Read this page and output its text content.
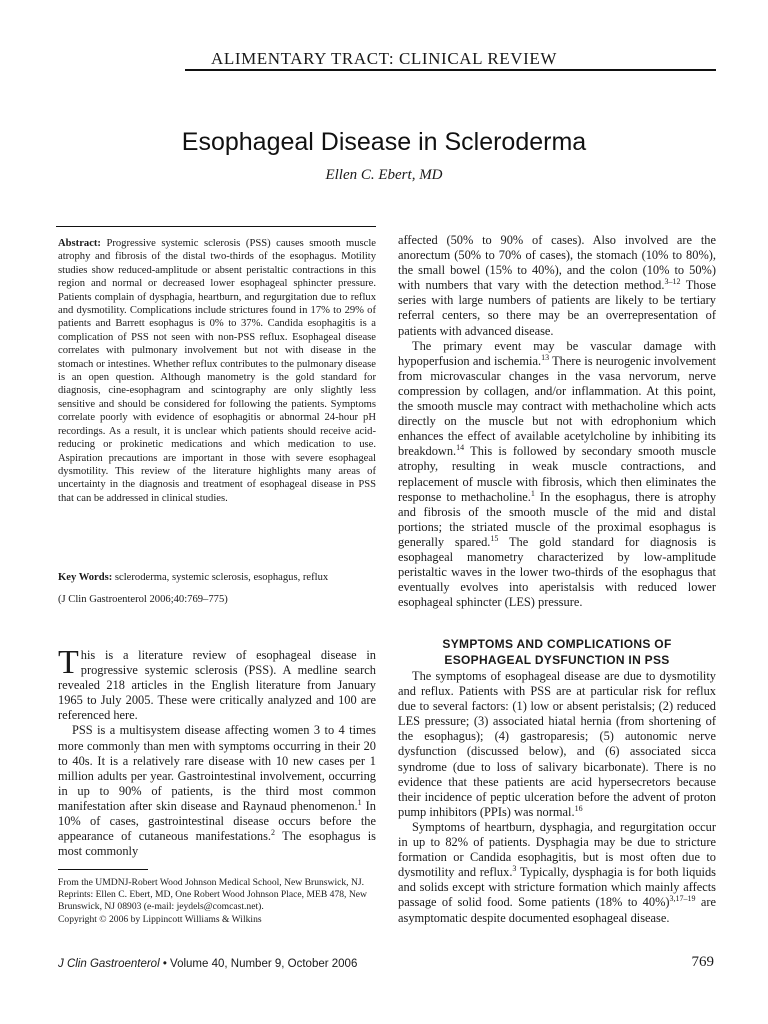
ALIMENTARY TRACT: CLINICAL REVIEW
Esophageal Disease in Scleroderma
Ellen C. Ebert, MD

Abstract: Progressive systemic sclerosis (PSS) causes smooth muscle atrophy and fibrosis of the distal two-thirds of the esophagus. Motility studies show reduced-amplitude or absent peristaltic contractions in this region and normal or decreased lower esophageal sphincter pressure. Patients complain of dysphagia, heartburn, and regurgitation due to reflux and dysmotility. Complications include strictures found in 17% to 29% of patients and Barrett esophagus is 0% to 37%. Candida esophagitis is a complication of PSS not seen with non-PSS reflux. Esophageal disease correlates with pulmonary involvement but not with disease in the stomach or intestines. Whether reflux contributes to the pulmonary disease is an open question. Although manometry is the gold standard for diagnosis, cine-esophagram and scintography are only slightly less sensitive and should be considered for following the patients. Symptoms correlate poorly with evidence of esophagitis or abnormal 24-hour pH recordings. As a result, it is unclear which patients should receive acid-reducing or prokinetic medications and which medication to use. Aspiration precautions are important in those with severe esophageal dysmotility. This review of the literature highlights many areas of uncertainty in the diagnosis and treatment of esophageal disease in PSS that can be addressed in clinical studies.

Key Words: scleroderma, systemic sclerosis, esophagus, reflux

(J Clin Gastroenterol 2006;40:769–775)

This is a literature review of esophageal disease in progressive systemic sclerosis (PSS). A medline search revealed 218 articles in the English literature from January 1965 to July 2005. These were critically analyzed and 100 are referenced here.

PSS is a multisystem disease affecting women 3 to 4 times more commonly than men with symptoms occurring in their 20 to 40s. It is a relatively rare disease with 10 new cases per 1 million adults per year. Gastrointestinal involvement, occurring in up to 90% of patients, is the third most common manifestation after skin disease and Raynaud phenomenon.$^1$ In 10% of cases, gastrointestinal disease occurs before the appearance of cutaneous manifestations.$^2$ The esophagus is most commonly

From the UMDNJ-Robert Wood Johnson Medical School, New Brunswick, NJ.

Reprints: Ellen C. Ebert, MD, One Robert Wood Johnson Place, MEB 478, New Brunswick, NJ 08903 (e-mail: jeydels@comcast.net).

Copyright © 2006 by Lippincott Williams & Wilkins

affected (50% to 90% of cases). Also involved are the anorectum (50% to 70% of cases), the stomach (10% to 80%), the small bowel (15% to 40%), and the colon (10% to 50%) with numbers that vary with the detection method.$^{3-12}$ Those series with large numbers of patients are likely to be tertiary referral centers, so there may be an overrepresentation of patients with advanced disease.

The primary event may be vascular damage with hypoperfusion and ischemia.$^{13}$ There is neurogenic involvement from microvascular changes in the vasa nervorum, nerve compression by collagen, and/or inflammation. At this point, the smooth muscle may contract with methacholine which acts directly on the muscle but not with edrophonium which enhances the effect of available acetylcholine by inhibiting its breakdown.$^{14}$ This is followed by secondary smooth muscle atrophy, resulting in weak muscle contractions, and replacement of muscle with fibrosis, which then eliminates the response to methacholine.$^1$ In the esophagus, there is atrophy and fibrosis of the smooth muscle of the mid and distal portions; the striated muscle of the proximal esophagus is generally spared.$^{15}$ The gold standard for diagnosis is esophageal manometry characterized by low-amplitude peristaltic waves in the lower two-thirds of the esophagus that eventually evolves into aperistalsis with reduced lower esophageal sphincter (LES) pressure.

SYMPTOMS AND COMPLICATIONS OF
ESOPHAGEAL DYSFUNCTION IN PSS

The symptoms of esophageal disease are due to dysmotility and reflux. Patients with PSS are at particular risk for reflux due to several factors: (1) low or absent peristalsis; (2) reduced LES pressure; (3) associated hiatal hernia (from shortening of the esophagus); (4) gastroparesis; (5) autonomic nerve dysfunction (discussed below), and (6) associated sicca syndrome (due to loss of salivary bicarbonate). There is no evidence that these patients are acid hypersecretors because their incidence of peptic ulceration before the advent of proton pump inhibitors (PPIs) was normal.$^{16}$

Symptoms of heartburn, dysphagia, and regurgitation occur in up to 82% of patients. Dysphagia may be due to stricture formation or Candida esophagitis, but is most often due to dysmotility and reflux.$^3$ Typically, dysphagia is for both liquids and solids except with stricture formation which mainly affects passage of solid food. Some patients (18% to 40%)$^{3,17-19}$ are asymptomatic despite documented esophageal disease.

J Clin Gastroenterol • Volume 40, Number 9, October 2006	769
